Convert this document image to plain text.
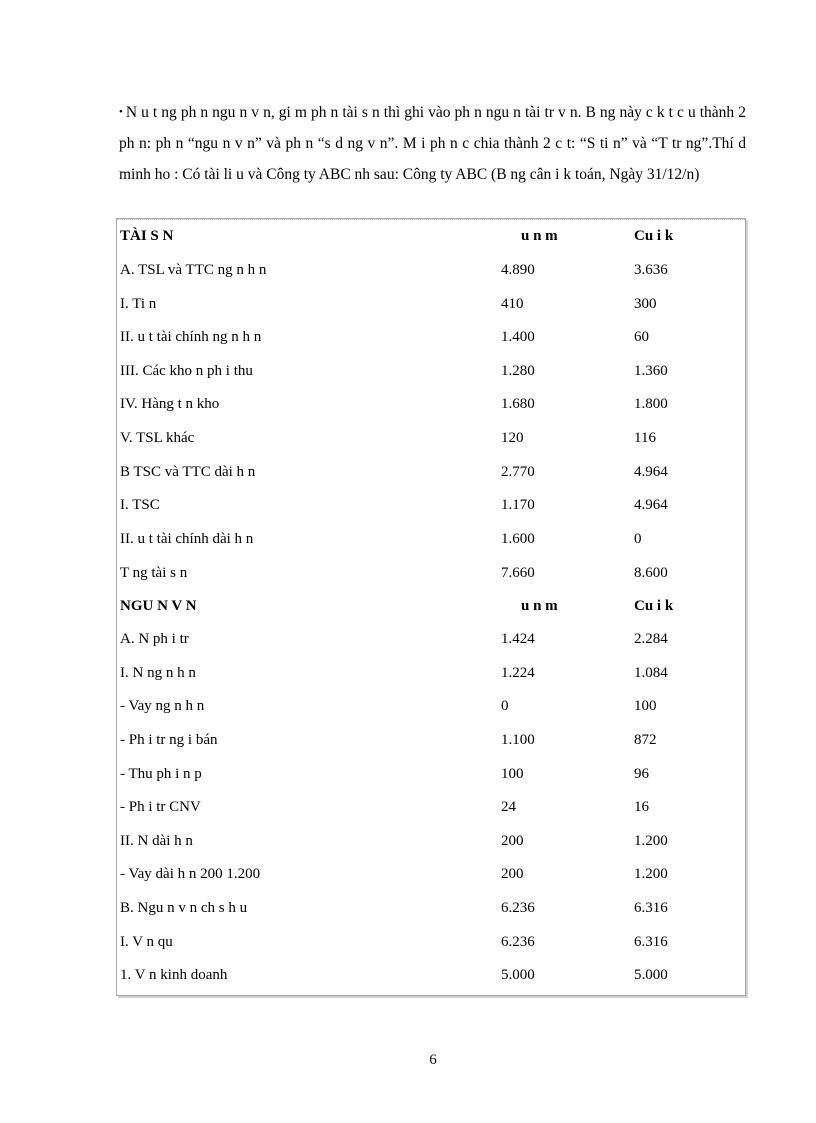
• N u t ng ph n ngu n v n, gi m ph n tài s n thì ghi vào ph n ngu n tài tr v n. B ng này c k t c u thành 2 ph n: ph n “ngu n v n” và ph n “s d ng v n”. M i ph n c chia thành 2 c t: “S ti n” và “T tr ng”.Thí d minh ho : Có tài li u và Công ty ABC nh sau: Công ty ABC (B ng cân i k toán, Ngày 31/12/n)
TÀI S N	u n m	Cu i k
A. TSL và TTC ng n h n	4.890	3.636
I. Ti n	410	300
II. u t tài chính ng n h n	1.400	60
III. Các kho n ph i thu	1.280	1.360
IV. Hàng t n kho	1.680	1.800
V. TSL khác	120	116
B TSC và TTC dài h n	2.770	4.964
I. TSC	1.170	4.964
II. u t tài chính dài h n	1.600	0
T ng tài s n	7.660	8.600
NGU N V N	u n m	Cu i k
A. N ph i tr	1.424	2.284
I. N ng n h n	1.224	1.084
- Vay ng n h n	0	100
- Ph i tr ng i bán	1.100	872
- Thu ph i n p	100	96
- Ph i tr CNV	24	16
II. N dài h n	200	1.200
- Vay dài h n 200 1.200	200	1.200
B. Ngu n v n ch s h u	6.236	6.316
I. V n qu	6.236	6.316
1. V n kinh doanh	5.000	5.000
6
